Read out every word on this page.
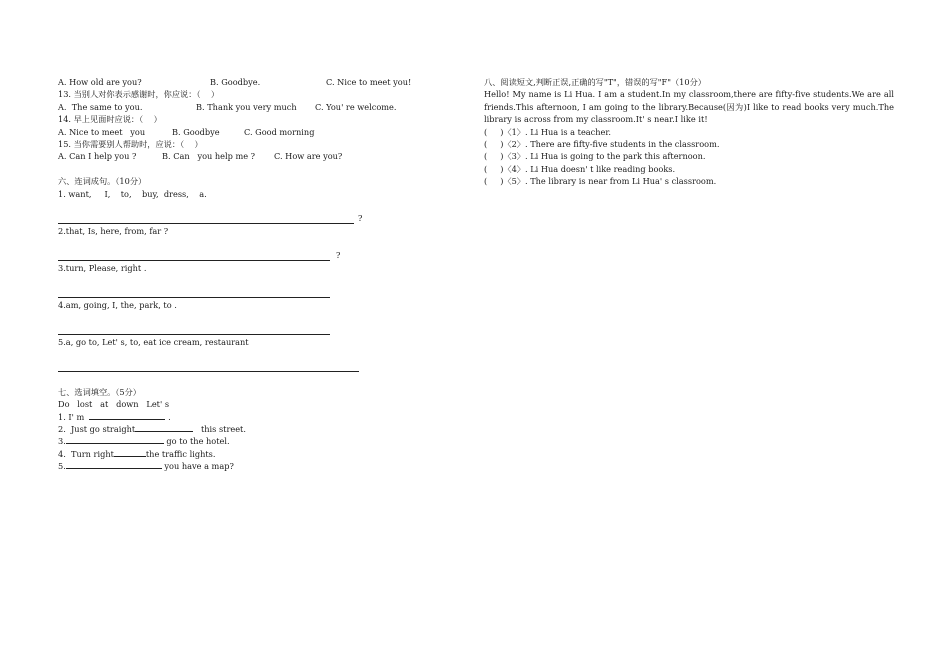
A. How old are you?	B. Goodbye.	C. Nice to meet you!
13. 当别人对你表示感谢时，你应说：（    ）
A.  The same to you.	B. Thank you very much C. You' re welcome.
14. 早上见面时应说：（    ）
A. Nice to meet   you	B. Goodbye	C. Good morning
15. 当你需要别人帮助时，应说：（    ）
A. Can I help you ?	B. Can   you help me ? C. How are you?
六、连词成句。（10分）
1. want,     I,    to,    buy,  dress,    a.
?
2.that, Is, here, from, far ?
?
3.turn, Please, right .
4.am, going, I, the, park, to .
5.a, go to, Let' s, to, eat ice cream, restaurant
七、选词填空。（5分）
Do   lost   at   down   Let' s
1. I' m	.
2.  Just go straight	this street.
3.	go to the hotel.
4.  Turn right	the traffic lights.
5.	you have a map?
八、阅读短文,判断正误,正确的写"T"，错误的写"F"（10分）
Hello! My name is Li Hua. I am a student.In my classroom,there are fifty-five students.We are all friends.This afternoon, I am going to the library.Because(因为)I like to read books very much.The library is across from my classroom.It' s near.I like it!
(     )〈1〉. Li Hua is a teacher.
(     )〈2〉. There are fifty-five students in the classroom.
(     )〈3〉. Li Hua is going to the park this afternoon.
(     )〈4〉. Li Hua doesn' t like reading books.
(     )〈5〉. The library is near from Li Hua' s classroom.
